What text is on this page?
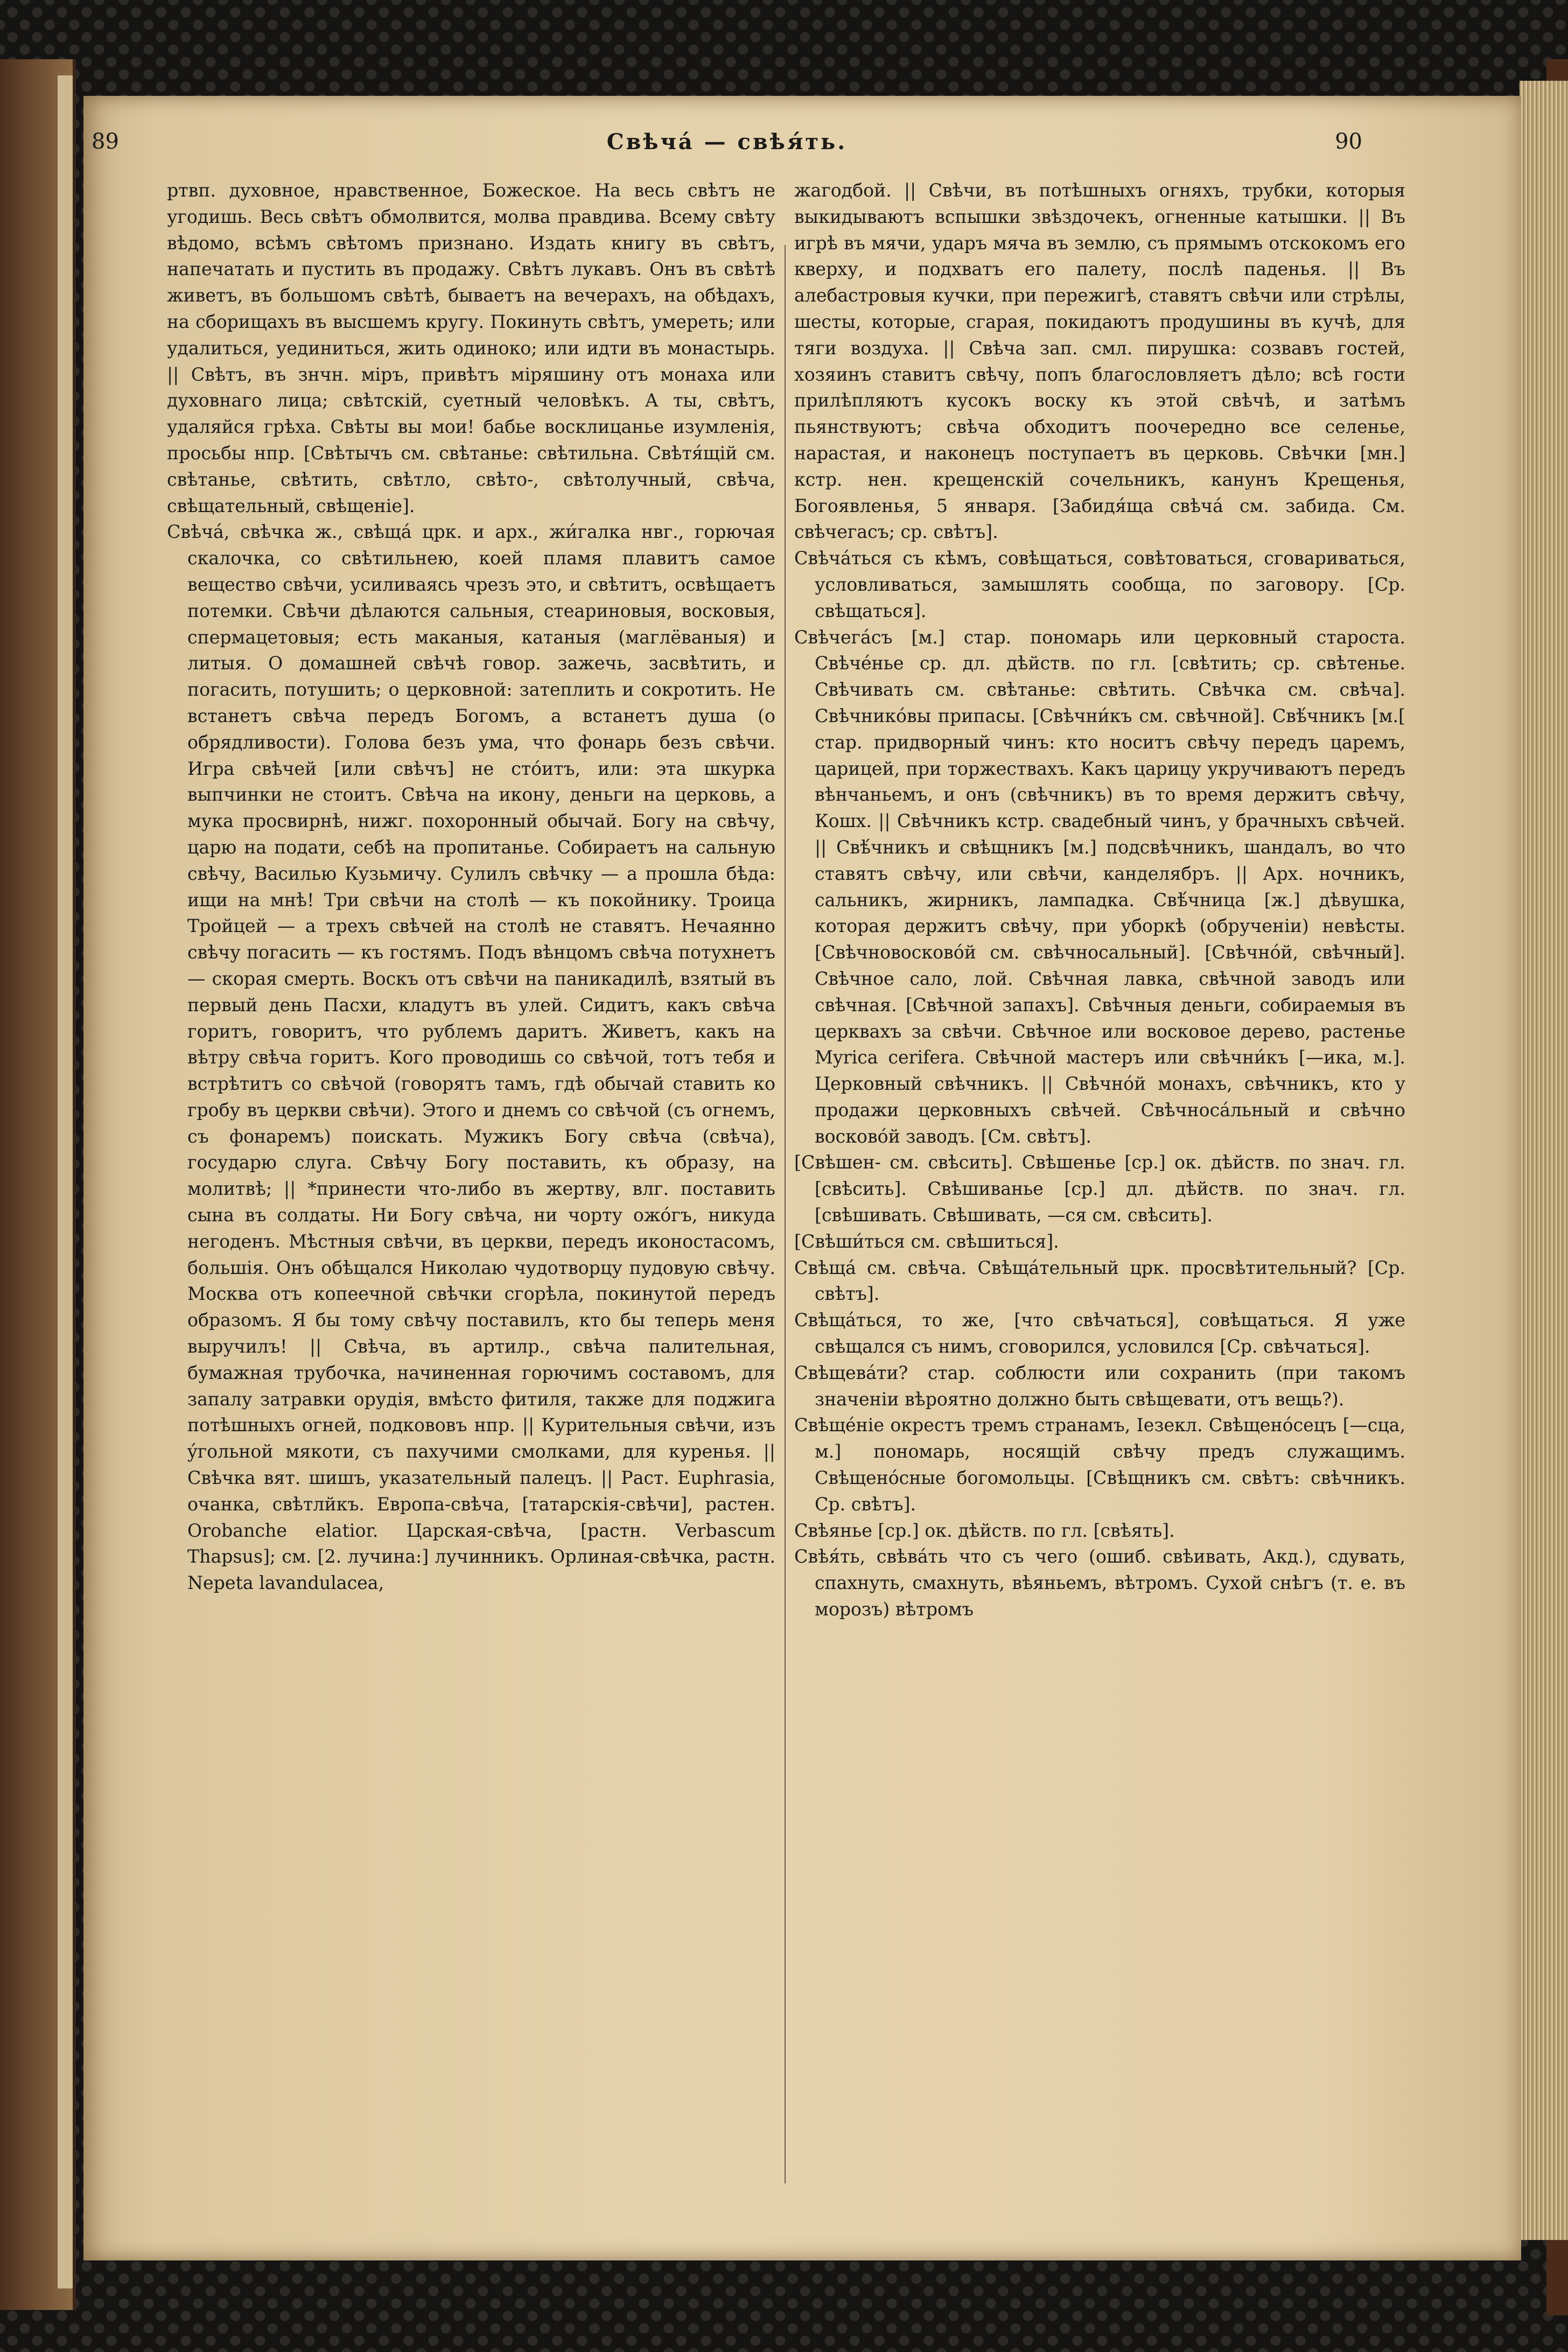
89	Свѣча́ — свѣя́ть.	90

ртвп. духовное, нравственное, Божеское. На весь свѣтъ не угодишь. Весь свѣтъ обмолвится, молва правдива. Всему свѣту вѣдомо, всѣмъ свѣтомъ признано. Издать книгу въ свѣтъ, напечатать и пустить въ продажу. Свѣтъ лукавъ. Онъ въ свѣтѣ живетъ, въ большомъ свѣтѣ, бываетъ на вечерахъ, на обѣдахъ, на сборищахъ въ высшемъ кругу. Покинуть свѣтъ, умереть; или удалиться, уединиться, жить одиноко; или идти въ монастырь. || Свѣтъ, въ знчн. міръ, привѣтъ міряшину отъ монаха или духовнаго лица; свѣтскій, суетный человѣкъ. А ты, свѣтъ, удаляйся грѣха. Свѣты вы мои! бабье восклицанье изумленія, просьбы нпр. [Свѣтычъ см. свѣтанье: свѣтильна. Свѣтя́щій см. свѣтанье, свѣтить, свѣтло, свѣто-, свѣтолучный, свѣча, свѣщательный, свѣщеніе].

Свѣча́, свѣчка ж., свѣща́ црк. и арх., жи́галка нвг., горючая скалочка, со свѣтильнею, коей пламя плавитъ самое вещество свѣчи, усиливаясь чрезъ это, и свѣтитъ, освѣщаетъ потемки. Свѣчи дѣлаются сальныя, стеариновыя, восковыя, спермацетовыя; есть маканыя, катаныя (маглёваныя) и литыя. О домашней свѣчѣ говор. зажечь, засвѣтить, и погасить, потушить; о церковной: затеплить и сокротить. Не встанетъ свѣча передъ Богомъ, а встанетъ душа (о обрядливости). Голова безъ ума, что фонарь безъ свѣчи. Игра свѣчей [или свѣчъ] не стóитъ, или: эта шкурка выпчинки не стоитъ. Свѣча на икону, деньги на церковь, а мука просвирнѣ, нижг. похоронный обычай. Богу на свѣчу, царю на подати, себѣ на пропитанье. Собираетъ на сальную свѣчу, Василью Кузьмичу. Сулилъ свѣчку — а прошла бѣда: ищи на мнѣ! Три свѣчи на столѣ — къ покойнику. Троица Тройцей — а трехъ свѣчей на столѣ не ставятъ. Нечаянно свѣчу погасить — къ гостямъ. Подъ вѣнцомъ свѣча потухнетъ — скорая смерть. Воскъ отъ свѣчи на паникадилѣ, взятый въ первый день Пасхи, кладутъ въ улей. Сидитъ, какъ свѣча горитъ, говоритъ, что рублемъ даритъ. Живетъ, какъ на вѣтру свѣча горитъ. Кого проводишь со свѣчой, тотъ тебя и встрѣтитъ со свѣчой (говорятъ тамъ, гдѣ обычай ставить ко гробу въ церкви свѣчи). Этого и днемъ со свѣчой (съ огнемъ, съ фонаремъ) поискать. Мужикъ Богу свѣча (свѣча), государю слуга. Свѣчу Богу поставить, къ образу, на молитвѣ; || *принести что-либо въ жертву, влг. поставить сына въ солдаты. Ни Богу свѣча, ни чорту ожóгъ, никуда негоденъ. Мѣстныя свѣчи, въ церкви, передъ иконостасомъ, большія. Онъ обѣщался Николаю чудотворцу пудовую свѣчу. Москва отъ копеечной свѣчки сгорѣла, покинутой передъ образомъ. Я бы тому свѣчу поставилъ, кто бы теперь меня выручилъ! || Свѣча, въ артилр., свѣча палительная, бумажная трубочка, начиненная горючимъ составомъ, для запалу затравки орудія, вмѣсто фитиля, также для поджига потѣшныхъ огней, подкововъ нпр. || Курительныя свѣчи, изъ ýгольной мякоти, съ пахучими смолками, для куренья. || Свѣчка вят. шишъ, указательный палецъ. || Раст. Euphrasia, очанка, свѣтлйкъ. Европа-свѣча, [татарскія-свѣчи], растен. Orobanche elatior. Царская-свѣча, [растн. Verbascum Thapsus]; см. [2. лучина:] лучинникъ. Орлиная-свѣчка, растн. Nepeta lavandulacea,

жагодбой. || Свѣчи, въ потѣшныхъ огняхъ, трубки, которыя выкидываютъ вспышки звѣздочекъ, огненные катышки. || Въ игрѣ въ мячи, ударъ мяча въ землю, съ прямымъ отскокомъ его кверху, и подхватъ его палету, послѣ паденья. || Въ алебастровыя кучки, при пережигѣ, ставятъ свѣчи или стрѣлы, шесты, которые, сгарая, покидаютъ продушины въ кучѣ, для тяги воздуха. || Свѣча зап. смл. пирушка: созвавъ гостей, хозяинъ ставитъ свѣчу, попъ благословляетъ дѣло; всѣ гости прилѣпляютъ кусокъ воску къ этой свѣчѣ, и затѣмъ пьянствуютъ; свѣча обходитъ поочередно все селенье, нарастая, и наконецъ поступаетъ въ церковь. Свѣчки [мн.] кстр. нен. крещенскій сочельникъ, канунъ Крещенья, Богоявленья, 5 января. [Забидя́ща свѣча́ см. забида. См. свѣчегасъ; ср. свѣтъ].

Свѣча́ться съ кѣмъ, совѣщаться, совѣтоваться, сговариваться, условливаться, замышлять сообща, по заговору. [Ср. свѣщаться].

Свѣчега́съ [м.] стар. пономарь или церковный староста. Свѣче́нье ср. дл. дѣйств. по гл. [свѣтить; ср. свѣтенье. Свѣчивать см. свѣтанье: свѣтить. Свѣчка см. свѣча]. Свѣчнико́вы припасы. [Свѣчни́къ см. свѣчной]. Свѣ́чникъ [м.[ стар. придворный чинъ: кто носитъ свѣчу передъ царемъ, царицей, при торжествахъ. Какъ царицу укручиваютъ передъ вѣнчаньемъ, и онъ (свѣчникъ) въ то время держитъ свѣчу, Кошх. || Свѣчникъ кстр. свадебный чинъ, у брачныхъ свѣчей. || Свѣ́чникъ и свѣщникъ [м.] подсвѣчникъ, шандалъ, во что ставятъ свѣчу, или свѣчи, канделябръ. || Арх. ночникъ, сальникъ, жирникъ, лампадка. Свѣ́чница [ж.] дѣвушка, которая держитъ свѣчу, при уборкѣ (обрученіи) невѣсты. [Свѣчновосково́й см. свѣчносальный]. [Свѣчно́й, свѣчный]. Свѣчное сало, лой. Свѣчная лавка, свѣчной заводъ или свѣчная. [Свѣчной запахъ]. Свѣчныя деньги, собираемыя въ церквахъ за свѣчи. Свѣчное или восковое дерево, растенье Myrica cerifera. Свѣчной мастеръ или свѣчни́къ [—ика, м.]. Церковный свѣчникъ. || Свѣчно́й монахъ, свѣчникъ, кто у продажи церковныхъ свѣчей. Свѣчноса́льный и свѣчно восково́й заводъ. [См. свѣтъ].

[Свѣшен- см. свѣсить]. Свѣшенье [ср.] ок. дѣйств. по знач. гл. [свѣсить]. Свѣшиванье [ср.] дл. дѣйств. по знач. гл. [свѣшивать. Свѣшивать, —ся см. свѣсить].

[Свѣши́ться см. свѣшиться].

Свѣща́ см. свѣча. Свѣща́тельный црк. просвѣтительный? [Ср. свѣтъ].

Свѣща́ться, то же, [что свѣчаться], совѣщаться. Я уже свѣщался съ нимъ, сговорился, условился [Ср. свѣчаться].

Свѣщева́ти? стар. соблюсти или сохранить (при такомъ значеніи вѣроятно должно быть свѣщевати, отъ вещь?).

Свѣще́ніе окрестъ тремъ странамъ, Іезекл. Свѣщено́сецъ [—сца, м.] пономарь, носящій свѣчу предъ служащимъ. Свѣщено́сные богомольцы. [Свѣщникъ см. свѣтъ: свѣчникъ. Ср. свѣтъ].

Свѣянье [ср.] ок. дѣйств. по гл. [свѣять].

Свѣя́ть, свѣва́ть что съ чего (ошиб. свѣивать, Акд.), сдувать, спахнуть, смахнуть, вѣяньемъ, вѣтромъ. Сухой снѣгъ (т. е. въ морозъ) вѣтромъ
